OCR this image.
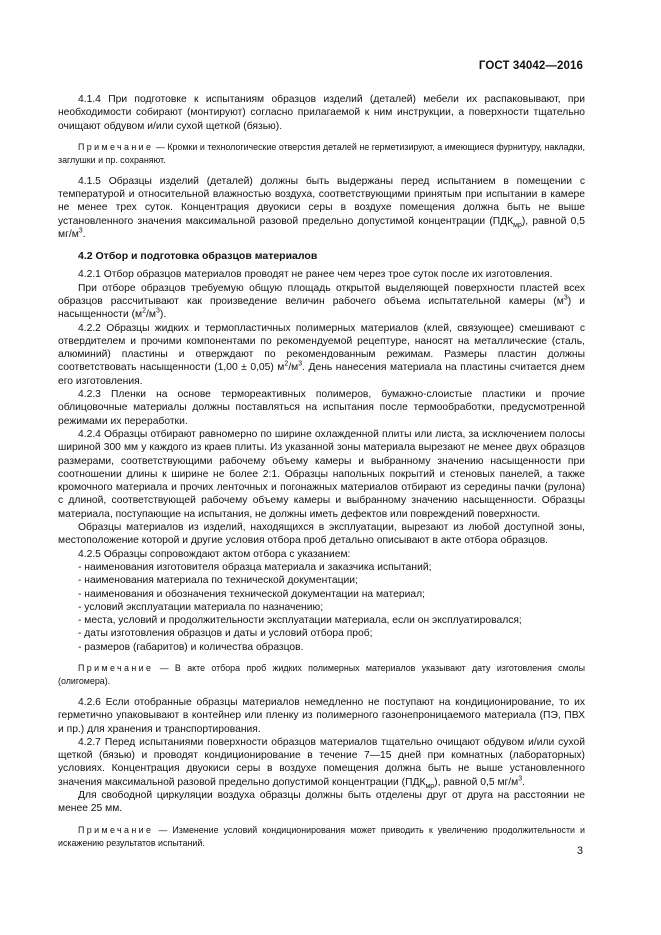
ГОСТ 34042—2016

4.1.4 При подготовке к испытаниям образцов изделий (деталей) мебели их распаковывают, при необходимости собирают (монтируют) согласно прилагаемой к ним инструкции, а поверхности тщательно очищают обдувом и/или сухой щеткой (бязью).

Примечание — Кромки и технологические отверстия деталей не герметизируют, а имеющиеся фурнитуру, накладки, заглушки и пр. сохраняют.

4.1.5 Образцы изделий (деталей) должны быть выдержаны перед испытанием в помещении с температурой и относительной влажностью воздуха, соответствующими принятым при испытании в камере не менее трех суток. Концентрация двуокиси серы в воздухе помещения должна быть не выше установленного значения максимальной разовой предельно допустимой концентрации $(ПДК_{мр})$, равной 0,5 $мг/м^3$.

4.2 Отбор и подготовка образцов материалов

4.2.1 Отбор образцов материалов проводят не ранее чем через трое суток после их изготовления.

При отборе образцов требуемую общую площадь открытой выделяющей поверхности пластей всех образцов рассчитывают как произведение величин рабочего объема испытательной камеры $(м^3)$ и насыщенности $(м^2/м^3)$.

4.2.2 Образцы жидких и термопластичных полимерных материалов (клей, связующее) смешивают с отвердителем и прочими компонентами по рекомендуемой рецептуре, наносят на металлические (сталь, алюминий) пластины и отверждают по рекомендованным режимам. Размеры пластин должны соответствовать насыщенности (1,00 ± 0,05) $м^2/м^3$. День нанесения материала на пластины считается днем его изготовления.

4.2.3 Пленки на основе термореактивных полимеров, бумажно-слоистые пластики и прочие облицовочные материалы должны поставляться на испытания после термообработки, предусмотренной режимами их переработки.

4.2.4 Образцы отбирают равномерно по ширине охлажденной плиты или листа, за исключением полосы шириной 300 мм у каждого из краев плиты. Из указанной зоны материала вырезают не менее двух образцов размерами, соответствующими рабочему объему камеры и выбранному значению насыщенности при соотношении длины к ширине не более 2:1. Образцы напольных покрытий и стеновых панелей, а также кромочного материала и прочих ленточных и погонажных материалов отбирают из середины пачки (рулона) с длиной, соответствующей рабочему объему камеры и выбранному значению насыщенности. Образцы материала, поступающие на испытания, не должны иметь дефектов или повреждений поверхности.

Образцы материалов из изделий, находящихся в эксплуатации, вырезают из любой доступной зоны, местоположение которой и другие условия отбора проб детально описывают в акте отбора образцов.

4.2.5 Образцы сопровождают актом отбора с указанием:

- наименования изготовителя образца материала и заказчика испытаний;

- наименования материала по технической документации;

- наименования и обозначения технической документации на материал;

- условий эксплуатации материала по назначению;

- места, условий и продолжительности эксплуатации материала, если он эксплуатировался;

- даты изготовления образцов и даты и условий отбора проб;

- размеров (габаритов) и количества образцов.

Примечание — В акте отбора проб жидких полимерных материалов указывают дату изготовления смолы (олигомера).

4.2.6 Если отобранные образцы материалов немедленно не поступают на кондиционирование, то их герметично упаковывают в контейнер или пленку из полимерного газонепроницаемого материала (ПЭ, ПВХ и пр.) для хранения и транспортирования.

4.2.7 Перед испытаниями поверхности образцов материалов тщательно очищают обдувом и/или сухой щеткой (бязью) и проводят кондиционирование в течение 7—15 дней при комнатных (лабораторных) условиях. Концентрация двуокиси серы в воздухе помещения должна быть не выше установленного значения максимальной разовой предельно допустимой концентрации $(ПДК_{мр})$, равной 0,5 $мг/м^3$.

Для свободной циркуляции воздуха образцы должны быть отделены друг от друга на расстоянии не менее 25 мм.

Примечание — Изменение условий кондиционирования может приводить к увеличению продолжительности и искажению результатов испытаний.

3
